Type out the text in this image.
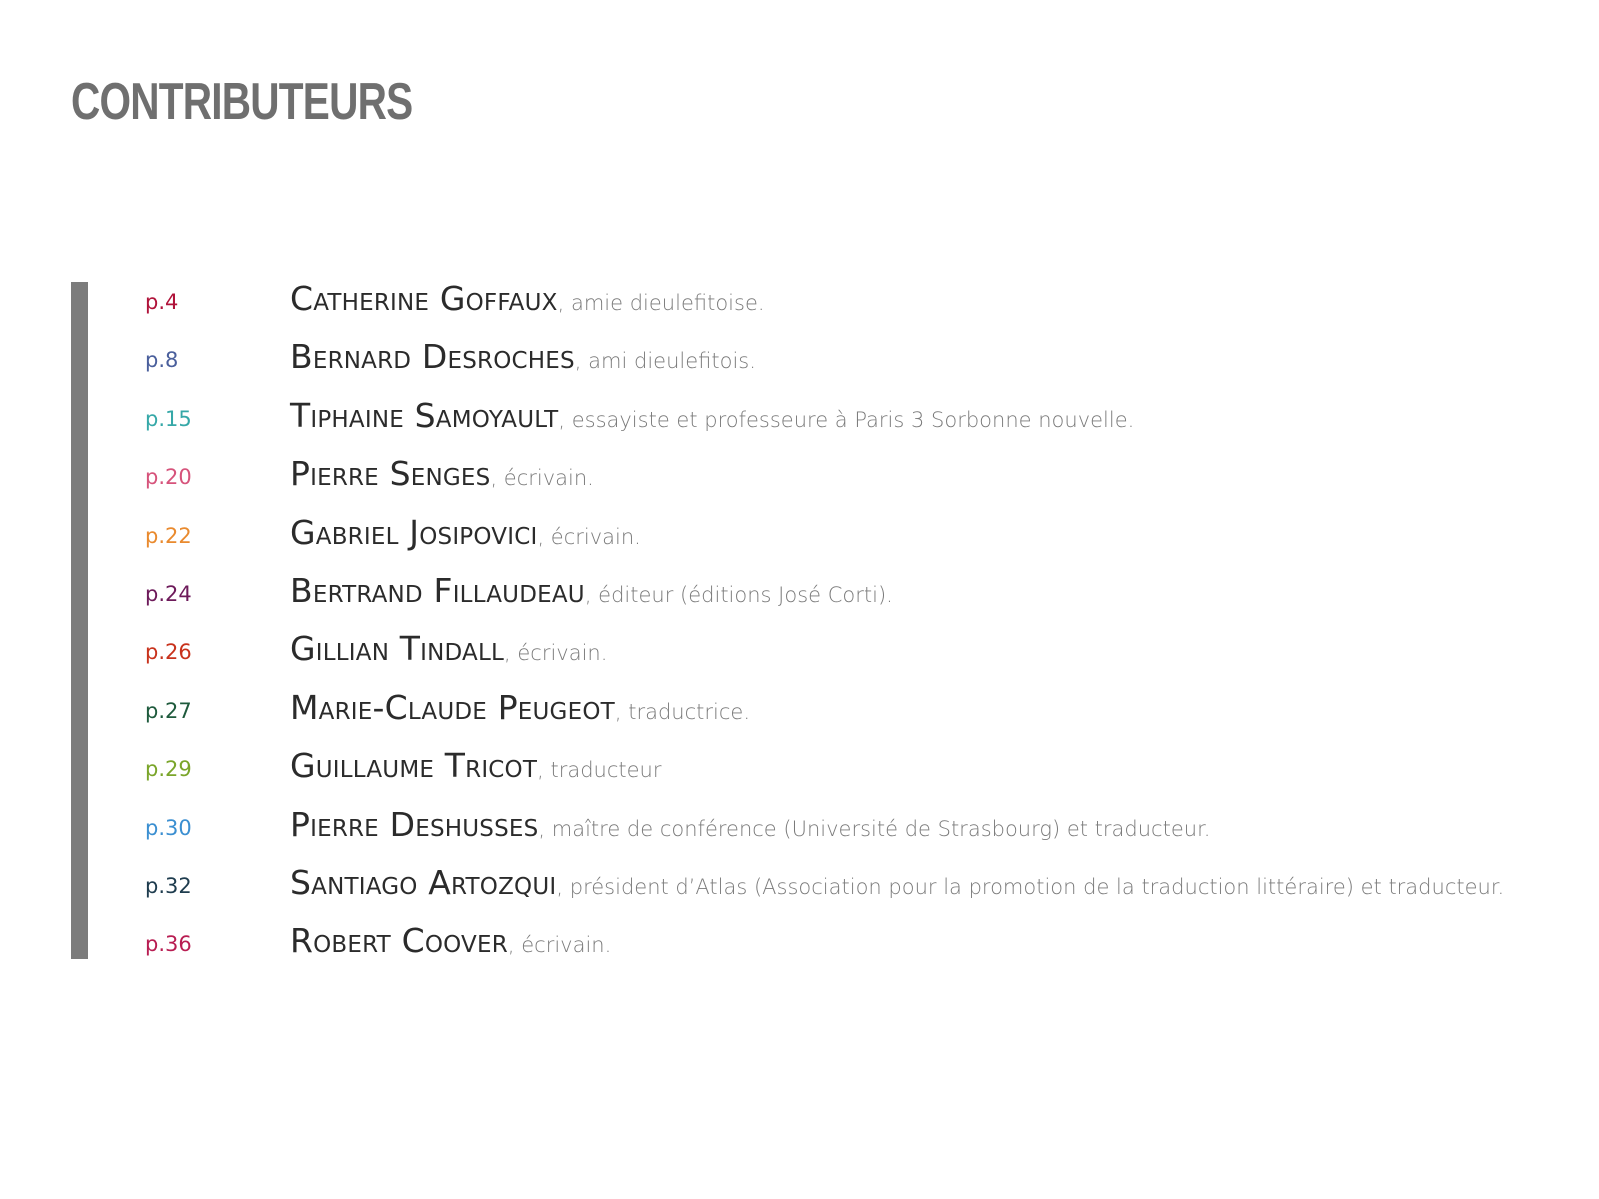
CONTRIBUTEURS
p.4	Catherine Goffaux, amie dieulefitoise.
p.8	Bernard Desroches, ami dieulefitois.
p.15	Tiphaine Samoyault, essayiste et professeure à Paris 3 Sorbonne nouvelle.
p.20	Pierre Senges, écrivain.
p.22	Gabriel Josipovici, écrivain.
p.24	Bertrand Fillaudeau, éditeur (éditions José Corti).
p.26	Gillian Tindall, écrivain.
p.27	Marie-Claude Peugeot, traductrice.
p.29	Guillaume Tricot, traducteur
p.30	Pierre Deshusses, maître de conférence (Université de Strasbourg) et traducteur.
p.32	Santiago Artozqui, président d’Atlas (Association pour la promotion de la traduction littéraire) et traducteur.
p.36	Robert Coover, écrivain.
